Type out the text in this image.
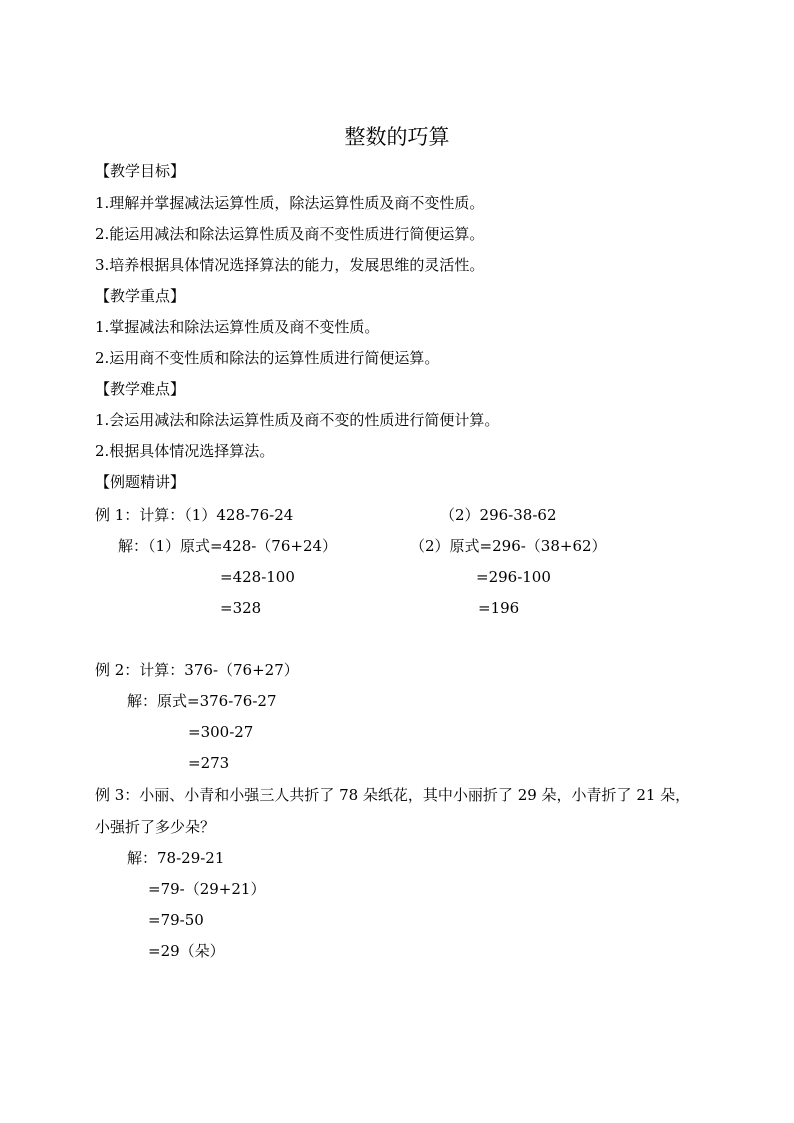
整数的巧算
【教学目标】
1.理解并掌握减法运算性质，除法运算性质及商不变性质。
2.能运用减法和除法运算性质及商不变性质进行简便运算。
3.培养根据具体情况选择算法的能力，发展思维的灵活性。
【教学重点】
1.掌握减法和除法运算性质及商不变性质。
2.运用商不变性质和除法的运算性质进行简便运算。
【教学难点】
1.会运用减法和除法运算性质及商不变的性质进行简便计算。
2.根据具体情况选择算法。
【例题精讲】
例 1：计算：（1）428-76-24	（2）296-38-62
解：（1）原式=428-（76+24）
=428-100
=328
（2）原式=296-（38+62）
=296-100
=196
例 2：计算：376-（76+27）
解：原式=376-76-27
=300-27
=273
例 3：小丽、小青和小强三人共折了 78 朵纸花，其中小丽折了 29 朵，小青折了 21 朵，
小强折了多少朵？
解：78-29-21
=79-（29+21）
=79-50
=29（朵）
